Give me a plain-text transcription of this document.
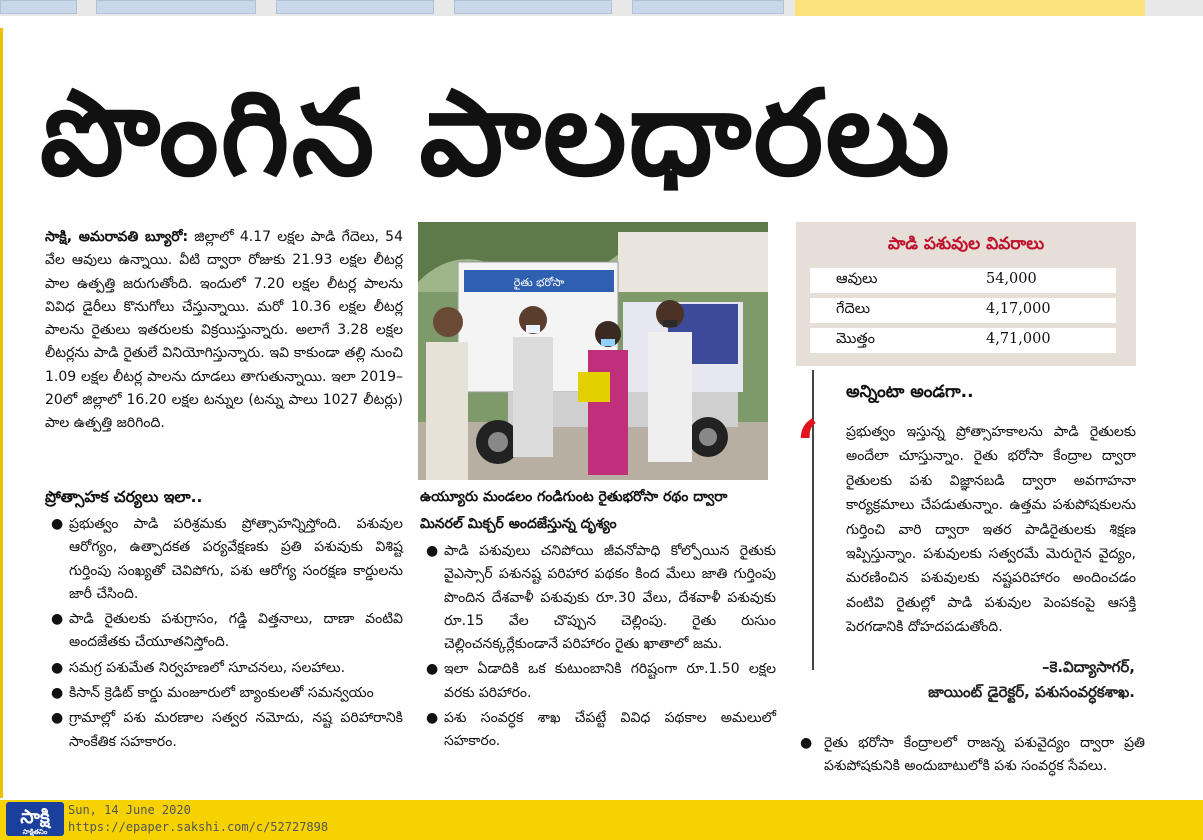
పొంగిన పాలధారలు
సాక్షి, అమరావతి బ్యూరో: జిల్లాలో 4.17 లక్షల పాడి గేదెలు, 54 వేల ఆవులు ఉన్నాయి. వీటి ద్వారా రోజుకు 21.93 లక్షల లీటర్ల పాల ఉత్పత్తి జరుగుతోంది. ఇందులో 7.20 లక్షల లీటర్ల పాలను వివిధ డైరీలు కొనుగోలు చేస్తున్నాయి. మరో 10.36 లక్షల లీటర్ల పాలను రైతులు ఇతరులకు విక్రయిస్తున్నారు. అలాగే 3.28 లక్షల లీటర్లను పాడి రైతులే వినియోగిస్తున్నారు. ఇవి కాకుండా తల్లి నుంచి 1.09 లక్షల లీటర్ల పాలను దూడలు తాగుతున్నాయి. ఇలా 2019–20లో జిల్లాలో 16.20 లక్షల టన్నుల (టన్ను పాలు 1027 లీటర్లు) పాల ఉత్పత్తి జరిగింది.
ప్రోత్సాహక చర్యలు ఇలా..
● ప్రభుత్వం పాడి పరిశ్రమకు ప్రోత్సాహన్నిస్తోంది. పశువుల ఆరోగ్యం, ఉత్పాదకత పర్యవేక్షణకు ప్రతి పశువుకు విశిష్ట గుర్తింపు సంఖ్యతో చెవిపోగు, పశు ఆరోగ్య సంరక్షణ కార్డులను జారీ చేసింది.
● పాడి రైతులకు పశుగ్రాసం, గడ్డి విత్తనాలు, దాణా వంటివి అందజేతకు చేయూతనిస్తోంది.
● సమగ్ర పశుమేత నిర్వహణలో సూచనలు, సలహాలు.
● కిసాన్ క్రెడిట్ కార్డు మంజూరులో బ్యాంకులతో సమన్వయం
● గ్రామాల్లో పశు మరణాల సత్వర నమోదు, నష్ట పరిహారానికి సాంకేతిక సహకారం.
రైతు భరోసా
ఉయ్యూరు మండలం గండిగుంట రైతుభరోసా రథం ద్వారా మినరల్ మిక్చర్ అందజేస్తున్న దృశ్యం
● పాడి పశువులు చనిపోయి జీవనోపాధి కోల్పోయిన రైతుకు వైఎస్సార్ పశునష్ట పరిహార పథకం కింద మేలు జాతి గుర్తింపు పొందిన దేశవాళీ పశువుకు రూ.30 వేలు, దేశవాళీ పశువుకు రూ.15 వేల చొప్పున చెల్లింపు. రైతు రుసుం చెల్లించనక్కర్లేకుండానే పరిహారం రైతు ఖాతాలో జమ.
● ఇలా ఏడాదికి ఒక కుటుంబానికి గరిష్టంగా రూ.1.50 లక్షల వరకు పరిహారం.
● పశు సంవర్ధక శాఖ చేపట్టే వివిధ పథకాల అమలులో సహకారం.
పాడి పశువుల వివరాలు
ఆవులు	54,000
గేదెలు	4,17,000
మొత్తం	4,71,000
అన్నింటా అండగా..
‘ ప్రభుత్వం ఇస్తున్న ప్రోత్సాహకాలను పాడి రైతులకు అందేలా చూస్తున్నాం. రైతు భరోసా కేంద్రాల ద్వారా రైతులకు పశు విజ్ఞానబడి ద్వారా అవగాహనా కార్యక్రమాలు చేపడుతున్నాం. ఉత్తమ పశుపోషకులను గుర్తించి వారి ద్వారా ఇతర పాడిరైతులకు శిక్షణ ఇప్పిస్తున్నాం. పశువులకు సత్వరమే మెరుగైన వైద్యం, మరణించిన పశువులకు నష్టపరిహారం అందించడం వంటివి రైతుల్లో పాడి పశువుల పెంపకంపై ఆసక్తి పెరగడానికి దోహదపడుతోంది.
–కె.విద్యాసాగర్,
జాయింట్ డైరెక్టర్, పశుసంవర్ధకశాఖ.
● రైతు భరోసా కేంద్రాలలో రాజన్న పశువైద్యం ద్వారా ప్రతి పశుపోషకునికి అందుబాటులోకి పశు సంవర్ధక సేవలు.
సాక్షి
సాక్షితనిం
Sun, 14 June 2020
https://epaper.sakshi.com/c/52727898
